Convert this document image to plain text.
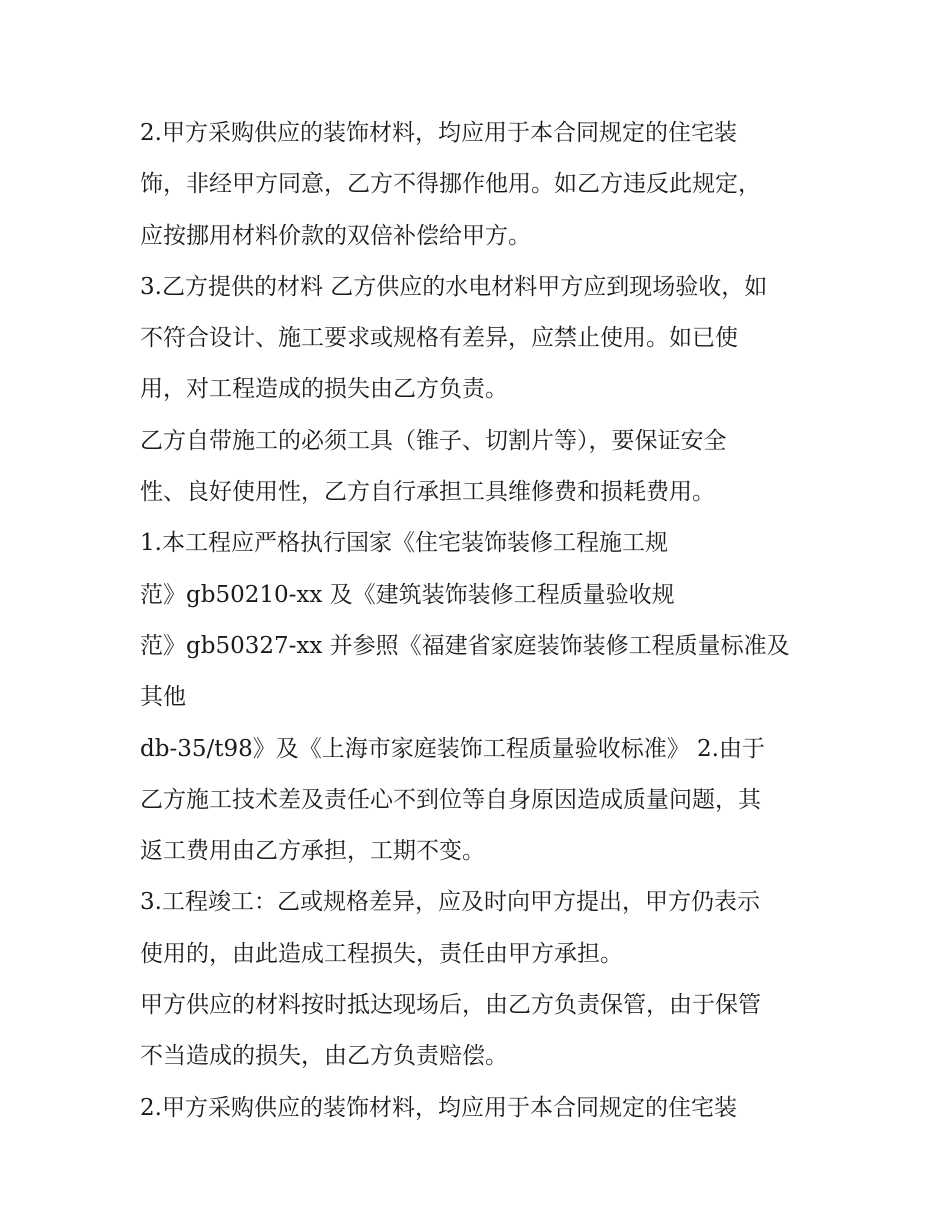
2.甲方采购供应的装饰材料，均应用于本合同规定的住宅装
饰，非经甲方同意，乙方不得挪作他用。如乙方违反此规定，
应按挪用材料价款的双倍补偿给甲方。
3.乙方提供的材料 乙方供应的水电材料甲方应到现场验收，如
不符合设计、施工要求或规格有差异，应禁止使用。如已使
用，对工程造成的损失由乙方负责。
乙方自带施工的必须工具（锥子、切割片等），要保证安全
性、良好使用性，乙方自行承担工具维修费和损耗费用。
1.本工程应严格执行国家《住宅装饰装修工程施工规
范》gb50210-xx 及《建筑装饰装修工程质量验收规
范》gb50327-xx 并参照《福建省家庭装饰装修工程质量标准及
其他
db-35/t98》及《上海市家庭装饰工程质量验收标准》 2.由于
乙方施工技术差及责任心不到位等自身原因造成质量问题，其
返工费用由乙方承担，工期不变。
3.工程竣工：乙或规格差异，应及时向甲方提出，甲方仍表示
使用的，由此造成工程损失，责任由甲方承担。
甲方供应的材料按时抵达现场后，由乙方负责保管，由于保管
不当造成的损失，由乙方负责赔偿。
2.甲方采购供应的装饰材料，均应用于本合同规定的住宅装
